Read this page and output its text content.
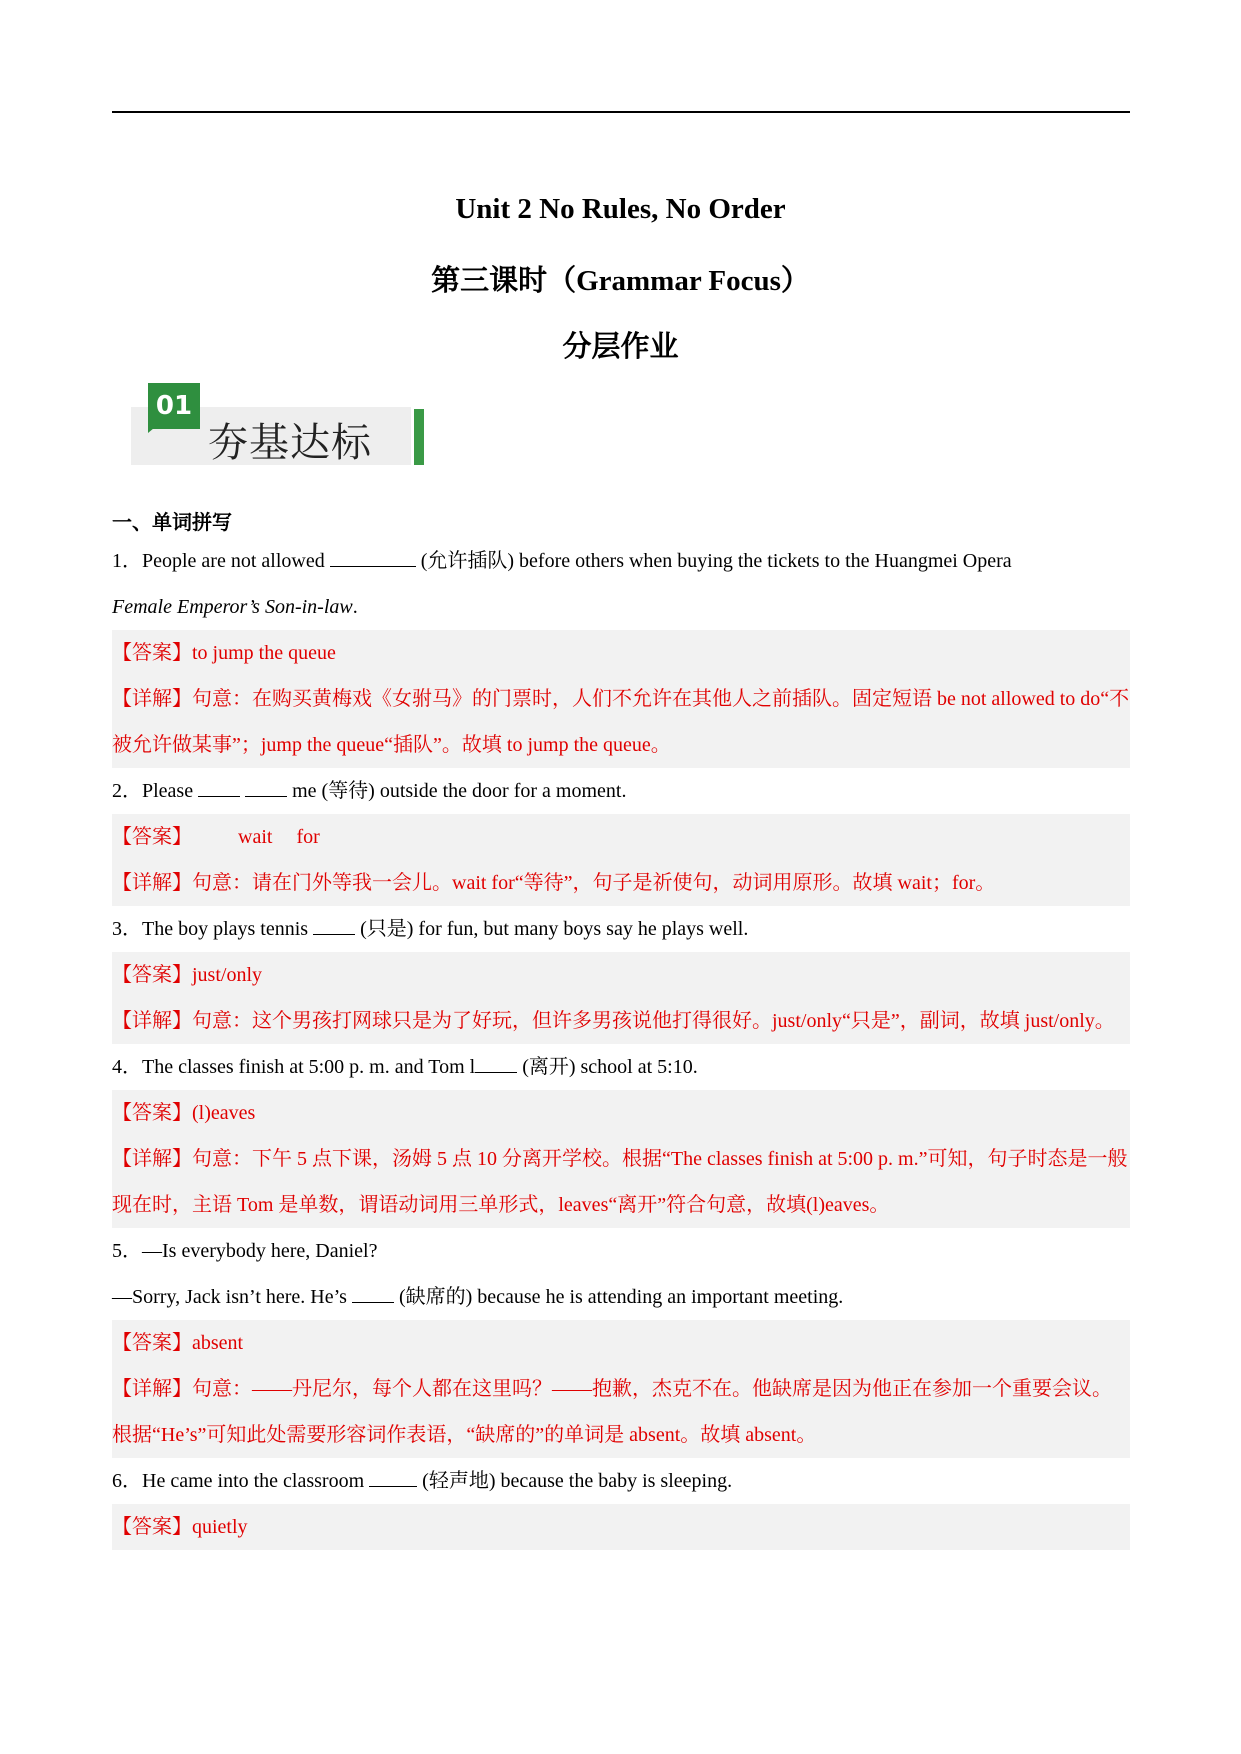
Unit 2 No Rules, No Order
第三课时（Grammar Focus）
分层作业
01
夯基达标
一、单词拼写
1．People are not allowed	(允许插队) before others when buying the tickets to the Huangmei Opera
Female Emperor’s Son-in-law.
【答案】to jump the queue
【详解】句意：在购买黄梅戏《女驸马》的门票时，人们不允许在其他人之前插队。固定短语 be not allowed to do“不被允许做某事”；jump the queue“插队”。故填 to jump the queue。
2．Please	me (等待) outside the door for a moment.
【答案】 wait for
【详解】句意：请在门外等我一会儿。wait for“等待”，句子是祈使句，动词用原形。故填 wait；for。
3．The boy plays tennis  (只是) for fun, but many boys say he plays well.
【答案】just/only
【详解】句意：这个男孩打网球只是为了好玩，但许多男孩说他打得很好。just/only“只是”，副词，故填 just/only。
4．The classes finish at 5:00 p. m. and Tom l (离开) school at 5:10.
【答案】(l)eaves
【详解】句意：下午 5 点下课，汤姆 5 点 10 分离开学校。根据“The classes finish at 5:00 p. m.”可知，句子时态是一般现在时，主语 Tom 是单数，谓语动词用三单形式，leaves“离开”符合句意，故填(l)eaves。
5．—Is everybody here, Daniel?
—Sorry, Jack isn’t here. He’s  (缺席的) because he is attending an important meeting.
【答案】absent
【详解】句意：——丹尼尔，每个人都在这里吗？——抱歉，杰克不在。他缺席是因为他正在参加一个重要会议。根据“He’s”可知此处需要形容词作表语，“缺席的”的单词是 absent。故填 absent。
6．He came into the classroom  (轻声地) because the baby is sleeping.
【答案】quietly
